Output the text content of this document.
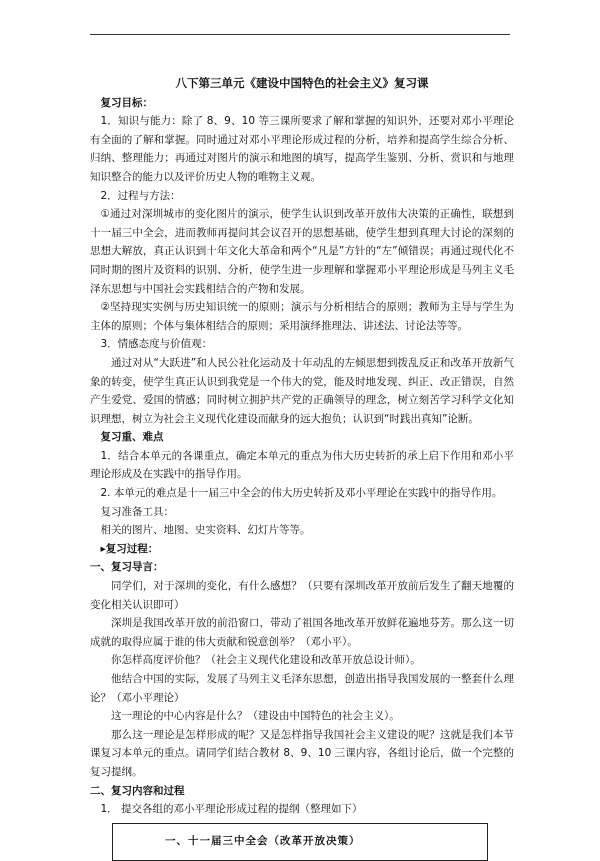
八下第三单元《建设中国特色的社会主义》复习课

复习目标：

1．知识与能力：除了 8、9、10 等三课所要求了解和掌握的知识外，还要对邓小平理论有全面的了解和掌握。同时通过对邓小平理论形成过程的分析，培养和提高学生综合分析、归纳、整理能力；再通过对图片的演示和地图的填写，提高学生鉴别、分析、赏识和与地理知识整合的能力以及评价历史人物的唯物主义观。

2．过程与方法：

①通过对深圳城市的变化图片的演示，使学生认识到改革开放伟大决策的正确性，联想到十一届三中全会，进而教师再提问其会议召开的思想基础，使学生想到真理大讨论的深刻的思想大解放，真正认识到十年文化大革命和两个“凡是”方针的“左”倾错误；再通过现代化不同时期的图片及资料的识别、分析，使学生进一步理解和掌握邓小平理论形成是马列主义毛泽东思想与中国社会实践相结合的产物和发展。

②坚持现实实例与历史知识统一的原则；演示与分析相结合的原则；教师为主导与学生为主体的原则；个体与集体相结合的原则；采用演绎推理法、讲述法、讨论法等等。

3．情感态度与价值观：

通过对从“大跃进”和人民公社化运动及十年动乱的左倾思想到拨乱反正和改革开放新气象的转变，使学生真正认识到我党是一个伟大的党，能及时地发现、纠正、改正错误，自然产生爱党、爱国的情感；同时树立拥护共产党的正确领导的理念，树立刻苦学习科学文化知识理想，树立为社会主义现代化建设而献身的远大抱负；认识到“时践出真知”论断。

复习重、难点

1．结合本单元的各课重点，确定本单元的重点为伟大历史转折的承上启下作用和邓小平理论形成及在实践中的指导作用。

2. 本单元的难点是十一届三中全会的伟大历史转折及邓小平理论在实践中的指导作用。

复习准备工具：

相关的图片、地图、史实资料、幻灯片等等。

▸复习过程：

一、复习导言：

同学们，对于深圳的变化，有什么感想？（只要有深圳改革开放前后发生了翻天地覆的变化相关认识即可）

深圳是我国改革开放的前沿窗口，带动了祖国各地改革开放鲜花遍地芬芳。那么这一切成就的取得应属于谁的伟大贡献和锐意创举？（邓小平）。

你怎样高度评价他？（社会主义现代化建设和改革开放总设计师）。

他结合中国的实际，发展了马列主义毛泽东思想，创造出指导我国发展的一整套什么理论？（邓小平理论）

这一理论的中心内容是什么？（建设由中国特色的社会主义）。

那么这一理论是怎样形成的呢？又是怎样指导我国社会主义建设的呢？这就是我们本节课复习本单元的重点。请同学们结合教材 8、9、10 三课内容，各组讨论后，做一个完整的复习提纲。

二、复习内容和过程

1． 提交各组的邓小平理论形成过程的提纲（整理如下）

一、十一届三中全会（改革开放决策）
